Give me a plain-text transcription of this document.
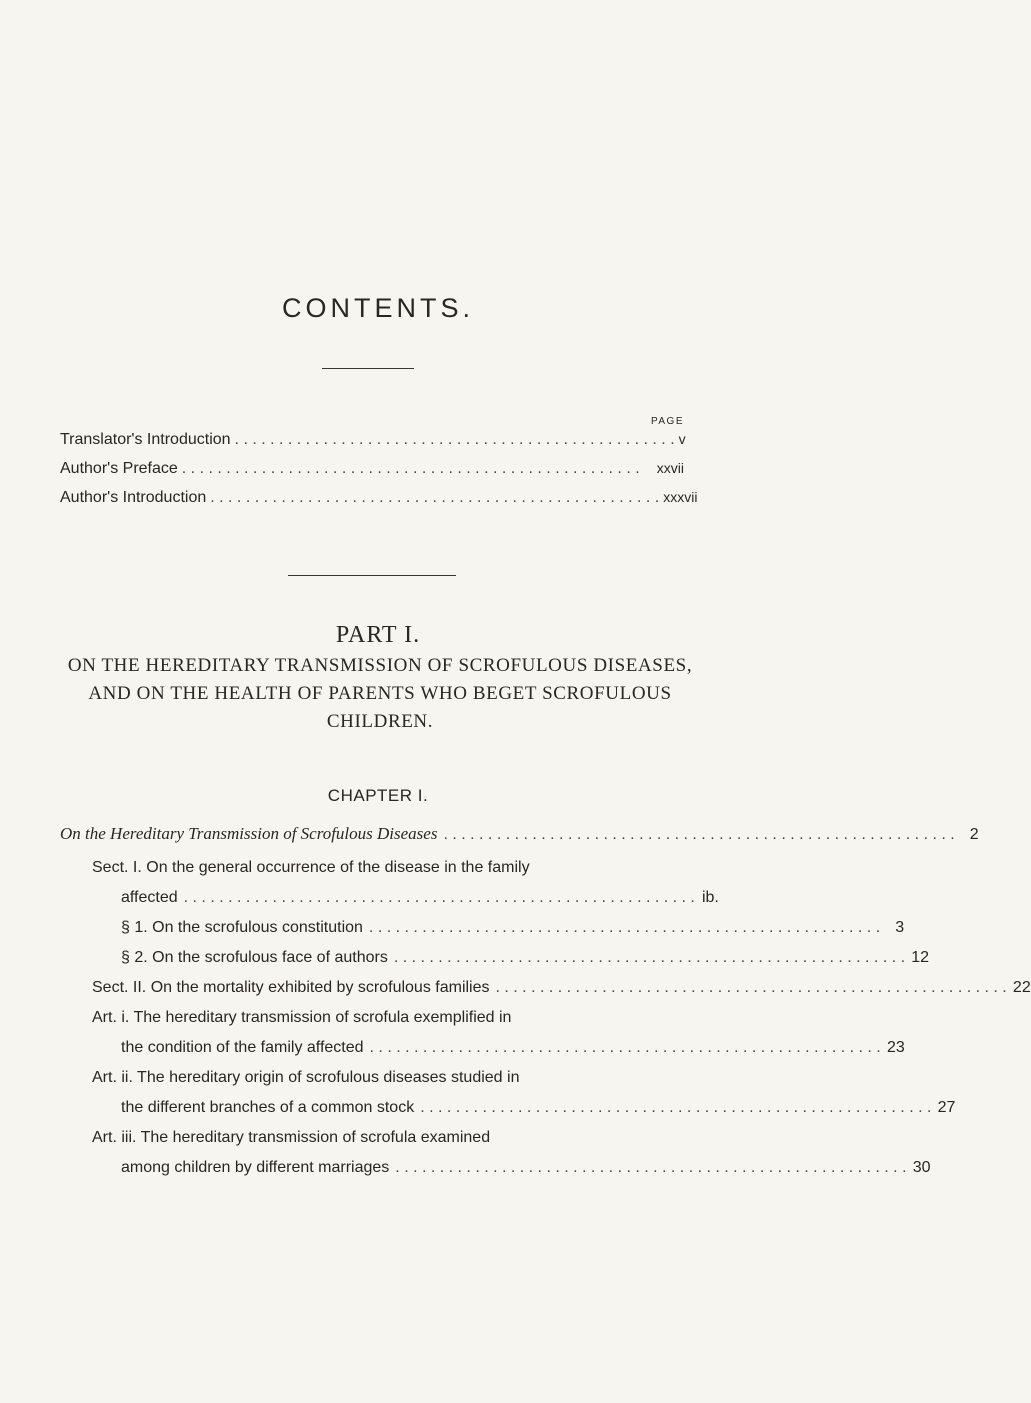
CONTENTS.
PAGE
Translator's Introduction . . . . . . . . . . . . . . . . . . . . . . . . . . . . . . . . . . . . . . . . . . . . . . . . . . v
Author's Preface . . . . . . . . . . . . . . . . . . . . . . . . . . . . . . . . . . . . . . . . . . . . . . . . . . . .	xxvii
Author's Introduction . . . . . . . . . . . . . . . . . . . . . . . . . . . . . . . . . . . . . . . . . . . . . . . . . . . xxxvii
PART I.
ON THE HEREDITARY TRANSMISSION OF SCROFULOUS DISEASES, AND ON THE HEALTH OF PARENTS WHO BEGET SCROFULOUS CHILDREN.
CHAPTER I.
On the Hereditary Transmission of Scrofulous Diseases . . . . . . . . . . . . . . . . . . . . . . . . . . . . . . . . . . . . . . . . . . . . . . . . . . . . . . . . . . 2
Sect. I. On the general occurrence of the disease in the family
affected . . . . . . . . . . . . . . . . . . . . . . . . . . . . . . . . . . . . . . . . . . . . . . . . . . . . . . . . . . ib.
§ 1. On the scrofulous constitution . . . . . . . . . . . . . . . . . . . . . . . . . . . . . . . . . . . . . . . . . . . . . . . . . . . . . . . . . . 3
§ 2. On the scrofulous face of authors . . . . . . . . . . . . . . . . . . . . . . . . . . . . . . . . . . . . . . . . . . . . . . . . . . . . . . . . . . 12
Sect. II. On the mortality exhibited by scrofulous families . . . . . . . . . . . . . . . . . . . . . . . . . . . . . . . . . . . . . . . . . . . . . . . . . . . . . . . . . . 22
Art. i. The hereditary transmission of scrofula exemplified in
the condition of the family affected . . . . . . . . . . . . . . . . . . . . . . . . . . . . . . . . . . . . . . . . . . . . . . . . . . . . . . . . . . 23
Art. ii. The hereditary origin of scrofulous diseases studied in
the different branches of a common stock . . . . . . . . . . . . . . . . . . . . . . . . . . . . . . . . . . . . . . . . . . . . . . . . . . . . . . . . . . 27
Art. iii. The hereditary transmission of scrofula examined
among children by different marriages . . . . . . . . . . . . . . . . . . . . . . . . . . . . . . . . . . . . . . . . . . . . . . . . . . . . . . . . . . 30
